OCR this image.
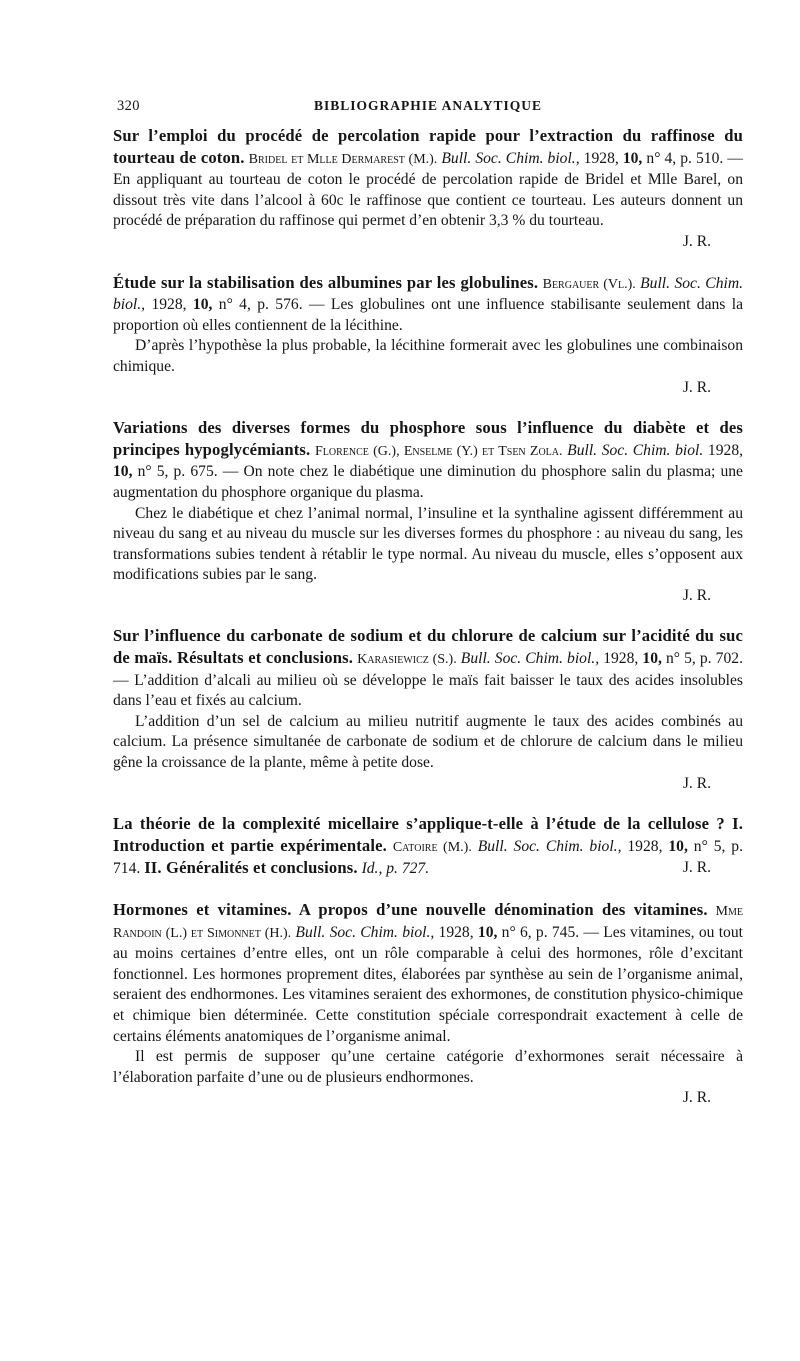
320	BIBLIOGRAPHIE ANALYTIQUE

Sur l’emploi du procédé de percolation rapide pour l’extraction du raffinose du tourteau de coton. Bridel et Mlle Dermarest (M.). Bull. Soc. Chim. biol., 1928, 10, n° 4, p. 510. — En appliquant au tourteau de coton le procédé de percolation rapide de Bridel et Mlle Barel, on dissout très vite dans l’alcool à 60c le raffinose que contient ce tourteau. Les auteurs donnent un procédé de préparation du raffinose qui permet d’en obtenir 3,3 % du tourteau.

J. R.

Étude sur la stabilisation des albumines par les globulines. Bergauer (Vl.). Bull. Soc. Chim. biol., 1928, 10, n° 4, p. 576. — Les globulines ont une influence stabilisante seulement dans la proportion où elles contiennent de la lécithine.

D’après l’hypothèse la plus probable, la lécithine formerait avec les globulines une combinaison chimique.

J. R.

Variations des diverses formes du phosphore sous l’influence du diabète et des principes hypoglycémiants. Florence (G.), Enselme (Y.) et Tsen Zola. Bull. Soc. Chim. biol. 1928, 10, n° 5, p. 675. — On note chez le diabétique une diminution du phosphore salin du plasma; une augmentation du phosphore organique du plasma.

Chez le diabétique et chez l’animal normal, l’insuline et la synthaline agissent différemment au niveau du sang et au niveau du muscle sur les diverses formes du phosphore : au niveau du sang, les transformations subies tendent à rétablir le type normal. Au niveau du muscle, elles s’opposent aux modifications subies par le sang.

J. R.

Sur l’influence du carbonate de sodium et du chlorure de calcium sur l’acidité du suc de maïs. Résultats et conclusions. Karasiewicz (S.). Bull. Soc. Chim. biol., 1928, 10, n° 5, p. 702. — L’addition d’alcali au milieu où se développe le maïs fait baisser le taux des acides insolubles dans l’eau et fixés au calcium.

L’addition d’un sel de calcium au milieu nutritif augmente le taux des acides combinés au calcium. La présence simultanée de carbonate de sodium et de chlorure de calcium dans le milieu gêne la croissance de la plante, même à petite dose.

J. R.

La théorie de la complexité micellaire s’applique-t-elle à l’étude de la cellulose ? I. Introduction et partie expérimentale. Catoire (M.). Bull. Soc. Chim. biol., 1928, 10, n° 5, p. 714. II. Généralités et conclusions. Id., p. 727.	J. R.

Hormones et vitamines. A propos d’une nouvelle dénomination des vitamines. Mme Randoin (L.) et Simonnet (H.). Bull. Soc. Chim. biol., 1928, 10, n° 6, p. 745. — Les vitamines, ou tout au moins certaines d’entre elles, ont un rôle comparable à celui des hormones, rôle d’excitant fonctionnel. Les hormones proprement dites, élaborées par synthèse au sein de l’organisme animal, seraient des endhormones. Les vitamines seraient des exhormones, de constitution physico-chimique et chimique bien déterminée. Cette constitution spéciale correspondrait exactement à celle de certains éléments anatomiques de l’organisme animal.

Il est permis de supposer qu’une certaine catégorie d’exhormones serait nécessaire à l’élaboration parfaite d’une ou de plusieurs endhormones.

J. R.
